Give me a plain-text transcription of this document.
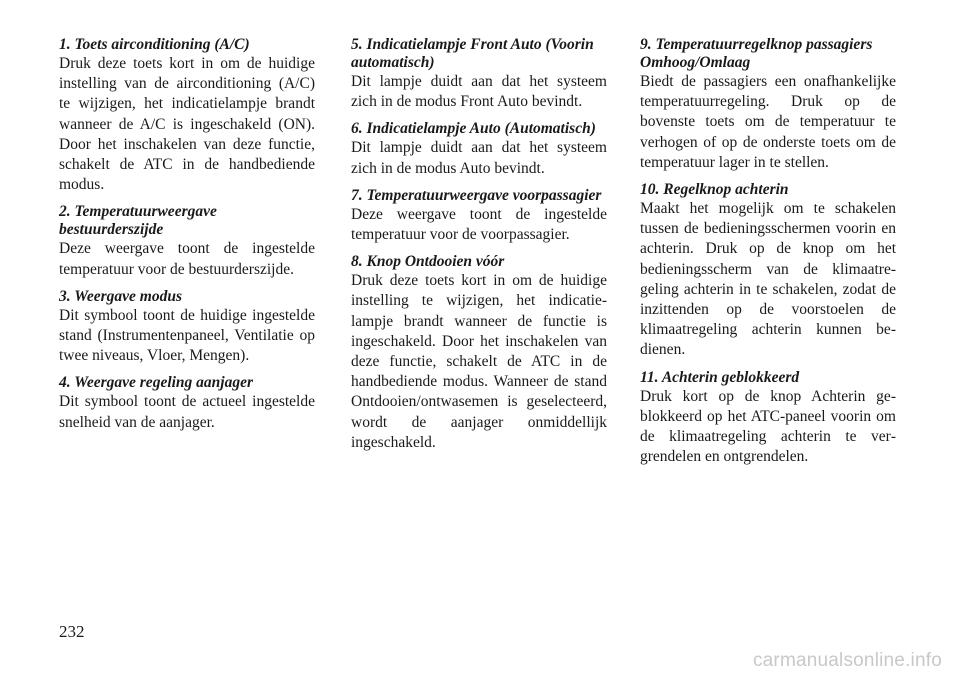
1. Toets airconditioning (A/C)

Druk deze toets kort in om de huidige instelling van de airconditioning (A/C) te wijzigen, het indicatielampje brandt wanneer de A/C is ingeschakeld (ON). Door het inschakelen van deze functie, schakelt de ATC in de handbediende modus.

2. Temperatuurweergave bestuurderszijde

Deze weergave toont de ingestelde temperatuur voor de bestuurderszijde.

3. Weergave modus

Dit symbool toont de huidige ingestelde stand (Instrumentenpaneel, Ventilatie op twee niveaus, Vloer, Mengen).

4. Weergave regeling aanjager

Dit symbool toont de actueel ingestelde snelheid van de aanjager.

5. Indicatielampje Front Auto (Voorin automatisch)

Dit lampje duidt aan dat het systeem zich in de modus Front Auto bevindt.

6. Indicatielampje Auto (Automatisch)

Dit lampje duidt aan dat het systeem zich in de modus Auto bevindt.

7. Temperatuurweergave voorpassagier

Deze weergave toont de ingestelde temperatuur voor de voorpassagier.

8. Knop Ontdooien vóór

Druk deze toets kort in om de huidige instelling te wijzigen, het indicatielampje brandt wanneer de functie is ingeschakeld. Door het inschakelen van deze functie, schakelt de ATC in de handbediende modus. Wanneer de stand Ontdooien/ontwasemen is geselecteerd, wordt de aanjager onmiddellijk ingeschakeld.

9. Temperatuurregelknop passagiers Omhoog/Omlaag

Biedt de passagiers een onafhankelijke temperatuurregeling. Druk op de bovenste toets om de temperatuur te verhogen of op de onderste toets om de temperatuur lager in te stellen.

10. Regelknop achterin

Maakt het mogelijk om te schakelen tussen de bedieningsschermen voorin en achterin. Druk op de knop om het bedieningsscherm van de klimaatregeling achterin in te schakelen, zodat de inzittenden op de voorstoelen de klimaatregeling achterin kunnen bedienen.

11. Achterin geblokkeerd

Druk kort op de knop Achterin geblokkeerd op het ATC-paneel voorin om de klimaatregeling achterin te vergrendelen en ontgrendelen.

232
carmanualsonline.info
